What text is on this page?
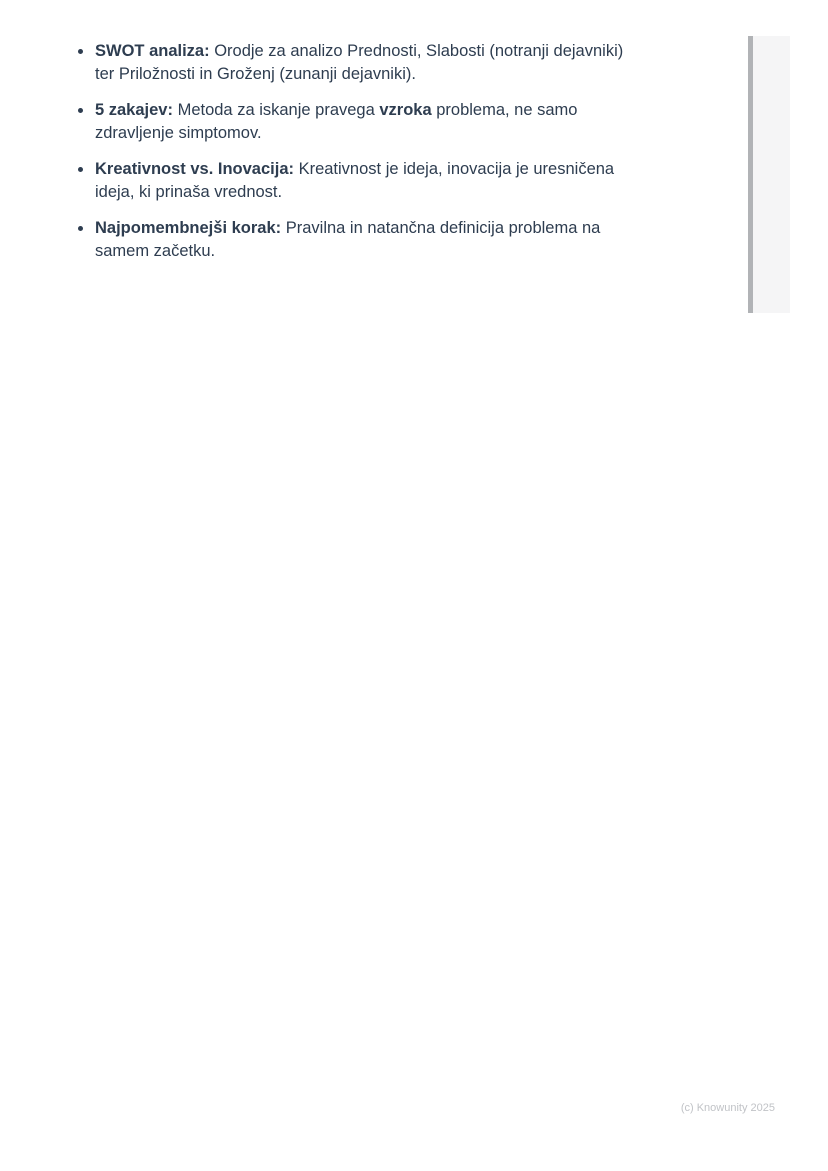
SWOT analiza: Orodje za analizo Prednosti, Slabosti (notranji dejavniki)
ter Priložnosti in Groženj (zunanji dejavniki).
5 zakajev: Metoda za iskanje pravega vzroka problema, ne samo
zdravljenje simptomov.
Kreativnost vs. Inovacija: Kreativnost je ideja, inovacija je uresničena
ideja, ki prinaša vrednost.
Najpomembnejši korak: Pravilna in natančna definicija problema na
samem začetku.
(c) Knowunity 2025
